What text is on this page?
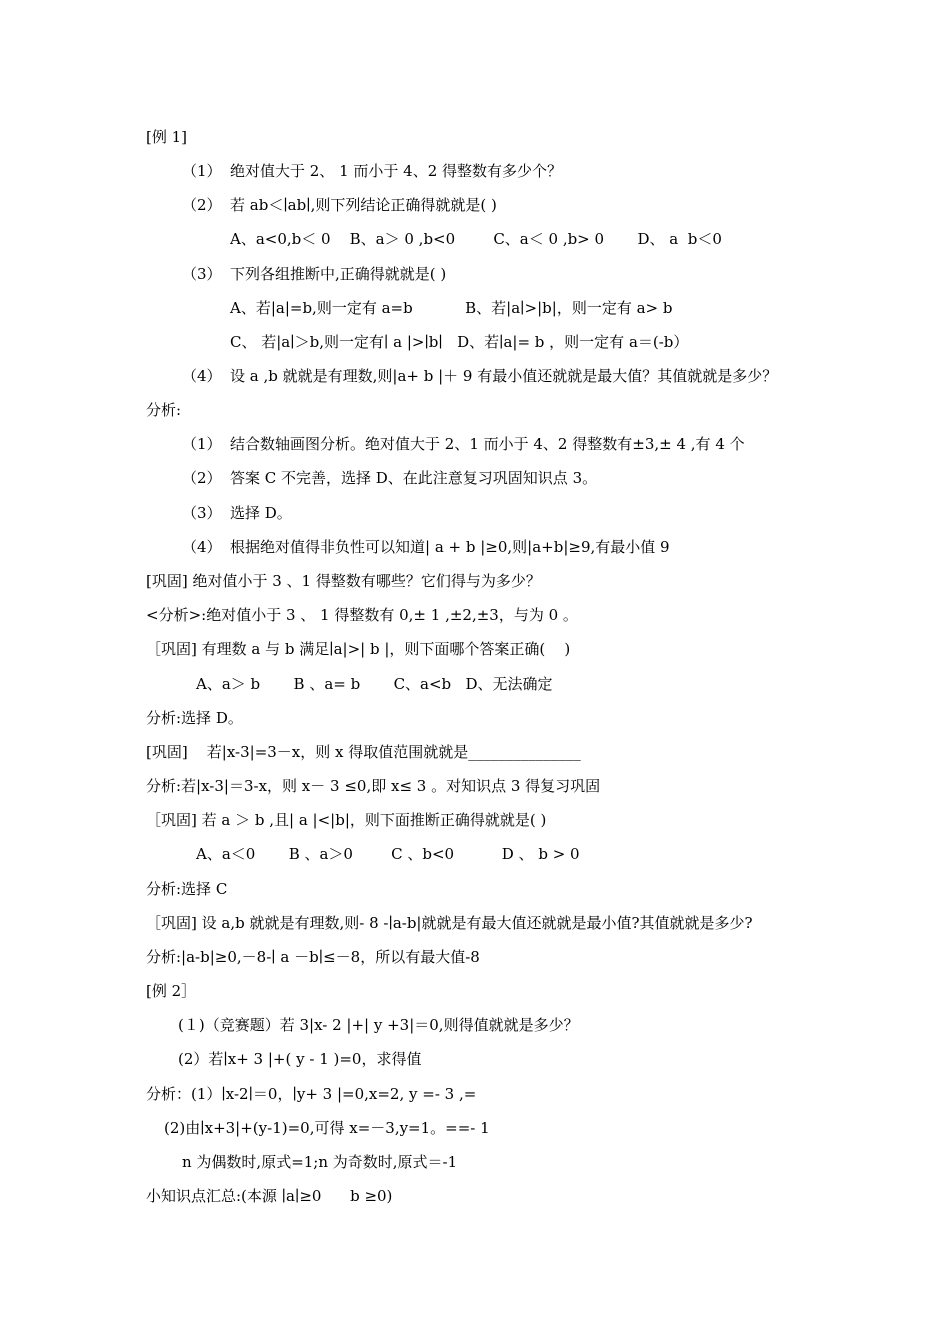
[例 1]
（1） 绝对值大于 2、 1 而小于 4、2 得整数有多少个？
（2） 若 ab＜∣ab∣,则下列结论正确得就就是( )
A、a<0,b＜ 0    B、a＞ 0 ,b<0        C、a＜ 0 ,b> 0       D、 a  b＜0
（3） 下列各组推断中,正确得就就是( )
A、若|a|=b,则一定有 a=b           B、若|a∣>|b|，则一定有 a> b
C、 若|a∣＞b,则一定有∣ a |>∣b∣   D、若∣a|= b ，则一定有 a＝(-b）
（4） 设 a ,b 就就是有理数,则|a+ b |＋ 9 有最小值还就就是最大值？其值就就是多少？
分析:
（1） 结合数轴画图分析。绝对值大于 2、1 而小于 4、2 得整数有±3,± 4 ,有 4 个
（2） 答案 C 不完善，选择 D、在此注意复习巩固知识点 3。
（3） 选择 D。
（4） 根据绝对值得非负性可以知道| a + b |≥0,则|a+b|≥9,有最小值 9
[巩固] 绝对值小于 3 、1 得整数有哪些？它们得与为多少？
<分析>:绝对值小于 3 、 1 得整数有 0,± 1 ,±2,±3，与为 0 。
［巩固] 有理数 a 与 b 满足∣a|>| b |，则下面哪个答案正确(    )
A、a＞ b       B 、a= b       C、a<b   D、无法确定
分析:选择 D。
[巩固]    若|x-3|=3－x，则 x 得取值范围就就是_______________
分析:若|x-3|＝3-x，则 x－ 3 ≤0,即 x≤ 3 。对知识点 3 得复习巩固
［巩固] 若 a ＞ b ,且| a |<|b|，则下面推断正确得就就是( )
A、a＜0       B 、a＞0        C 、b<0          D 、 b > 0
分析:选择 C
［巩固] 设 a,b 就就是有理数,则- 8 -∣a-b|就就是有最大值还就就是最小值?其值就就是多少?
分析:|a-b|≥0,－8-∣ a －b∣≤－8，所以有最大值-8
[例 2］
(１)（竞赛题）若 3|x- 2 |+| y +3|＝0,则得值就就是多少？
(2）若∣x+ 3 |+( y - 1 )=0，求得值
分析：(1）∣x-2∣＝0，∣y+ 3 |=0,x=2, y =- 3 ,=
(2)由∣x+3|+(y-1)=0,可得 x=－3,y=1。==- 1
n 为偶数时,原式=1;n 为奇数时,原式＝-1
小知识点汇总:(本源 ∣a∣≥0      b ≥0)
